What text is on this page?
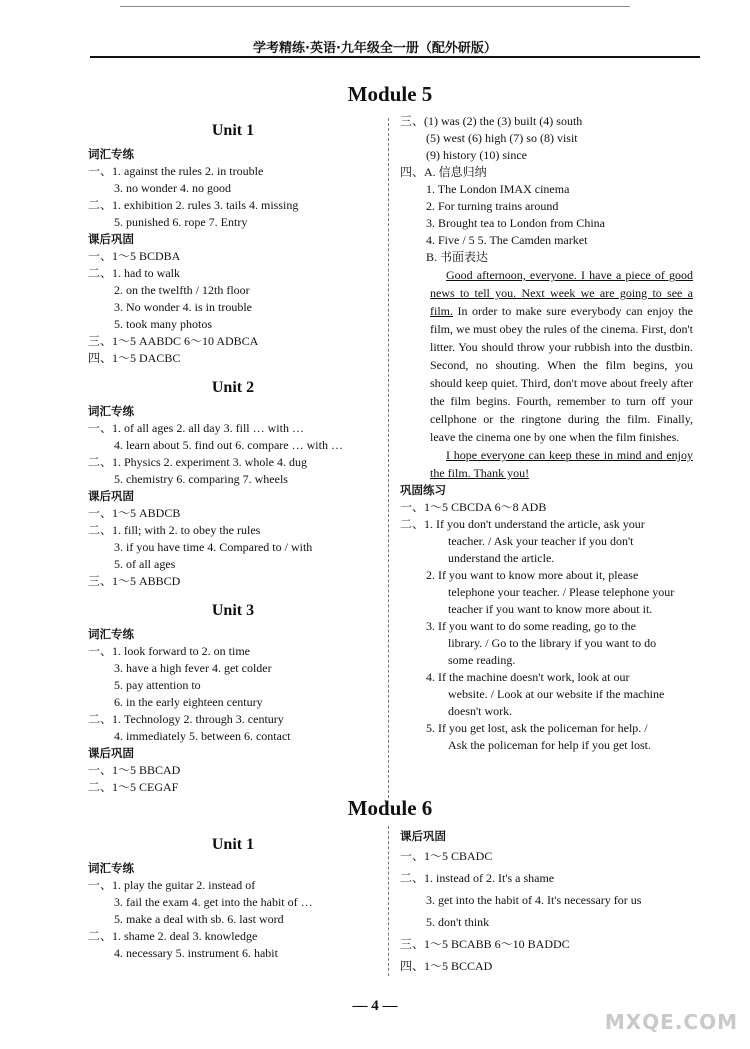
学考精练·英语·九年级全一册（配外研版）
Module 5
Unit 1
词汇专练
一、1. against the rules 2. in trouble
3. no wonder 4. no good
二、1. exhibition 2. rules 3. tails 4. missing
5. punished 6. rope 7. Entry
课后巩固
一、1～5 BCDBA
二、1. had to walk
2. on the twelfth / 12th floor
3. No wonder 4. is in trouble
5. took many photos
三、1～5 AABDC 6～10 ADBCA
四、1～5 DACBC
Unit 2
词汇专练
一、1. of all ages 2. all day 3. fill … with …
4. learn about 5. find out 6. compare … with …
二、1. Physics 2. experiment 3. whole 4. dug
5. chemistry 6. comparing 7. wheels
课后巩固
一、1～5 ABDCB
二、1. fill; with 2. to obey the rules
3. if you have time 4. Compared to / with
5. of all ages
三、1～5 ABBCD
Unit 3
词汇专练
一、1. look forward to 2. on time
3. have a high fever 4. get colder
5. pay attention to
6. in the early eighteen century
二、1. Technology 2. through 3. century
4. immediately 5. between 6. contact
课后巩固
一、1～5 BBCAD
二、1～5 CEGAF
三、(1) was (2) the (3) built (4) south
(5) west (6) high (7) so (8) visit
(9) history (10) since
四、A. 信息归纳
1. The London IMAX cinema
2. For turning trains around
3. Brought tea to London from China
4. Five / 5 5. The Camden market
B. 书面表达
Good afternoon, everyone. I have a piece of good news to tell you. Next week we are going to see a film. In order to make sure everybody can enjoy the film, we must obey the rules of the cinema. First, don't litter. You should throw your rubbish into the dustbin. Second, no shouting. When the film begins, you should keep quiet. Third, don't move about freely after the film begins. Fourth, remember to turn off your cellphone or the ringtone during the film. Finally, leave the cinema one by one when the film finishes.
I hope everyone can keep these in mind and enjoy the film. Thank you!
巩固练习
一、1～5 CBCDA 6～8 ADB
二、1. If you don't understand the article, ask your
teacher. / Ask your teacher if you don't
understand the article.
2. If you want to know more about it, please
telephone your teacher. / Please telephone your
teacher if you want to know more about it.
3. If you want to do some reading, go to the
library. / Go to the library if you want to do
some reading.
4. If the machine doesn't work, look at our
website. / Look at our website if the machine
doesn't work.
5. If you get lost, ask the policeman for help. /
Ask the policeman for help if you get lost.
Module 6
Unit 1
词汇专练
一、1. play the guitar 2. instead of
3. fail the exam 4. get into the habit of …
5. make a deal with sb. 6. last word
二、1. shame 2. deal 3. knowledge
4. necessary 5. instrument 6. habit
课后巩固
一、1～5 CBADC
二、1. instead of 2. It's a shame
3. get into the habit of 4. It's necessary for us
5. don't think
三、1～5 BCABB 6～10 BADDC
四、1～5 BCCAD
— 4 —
MXQE.COM
